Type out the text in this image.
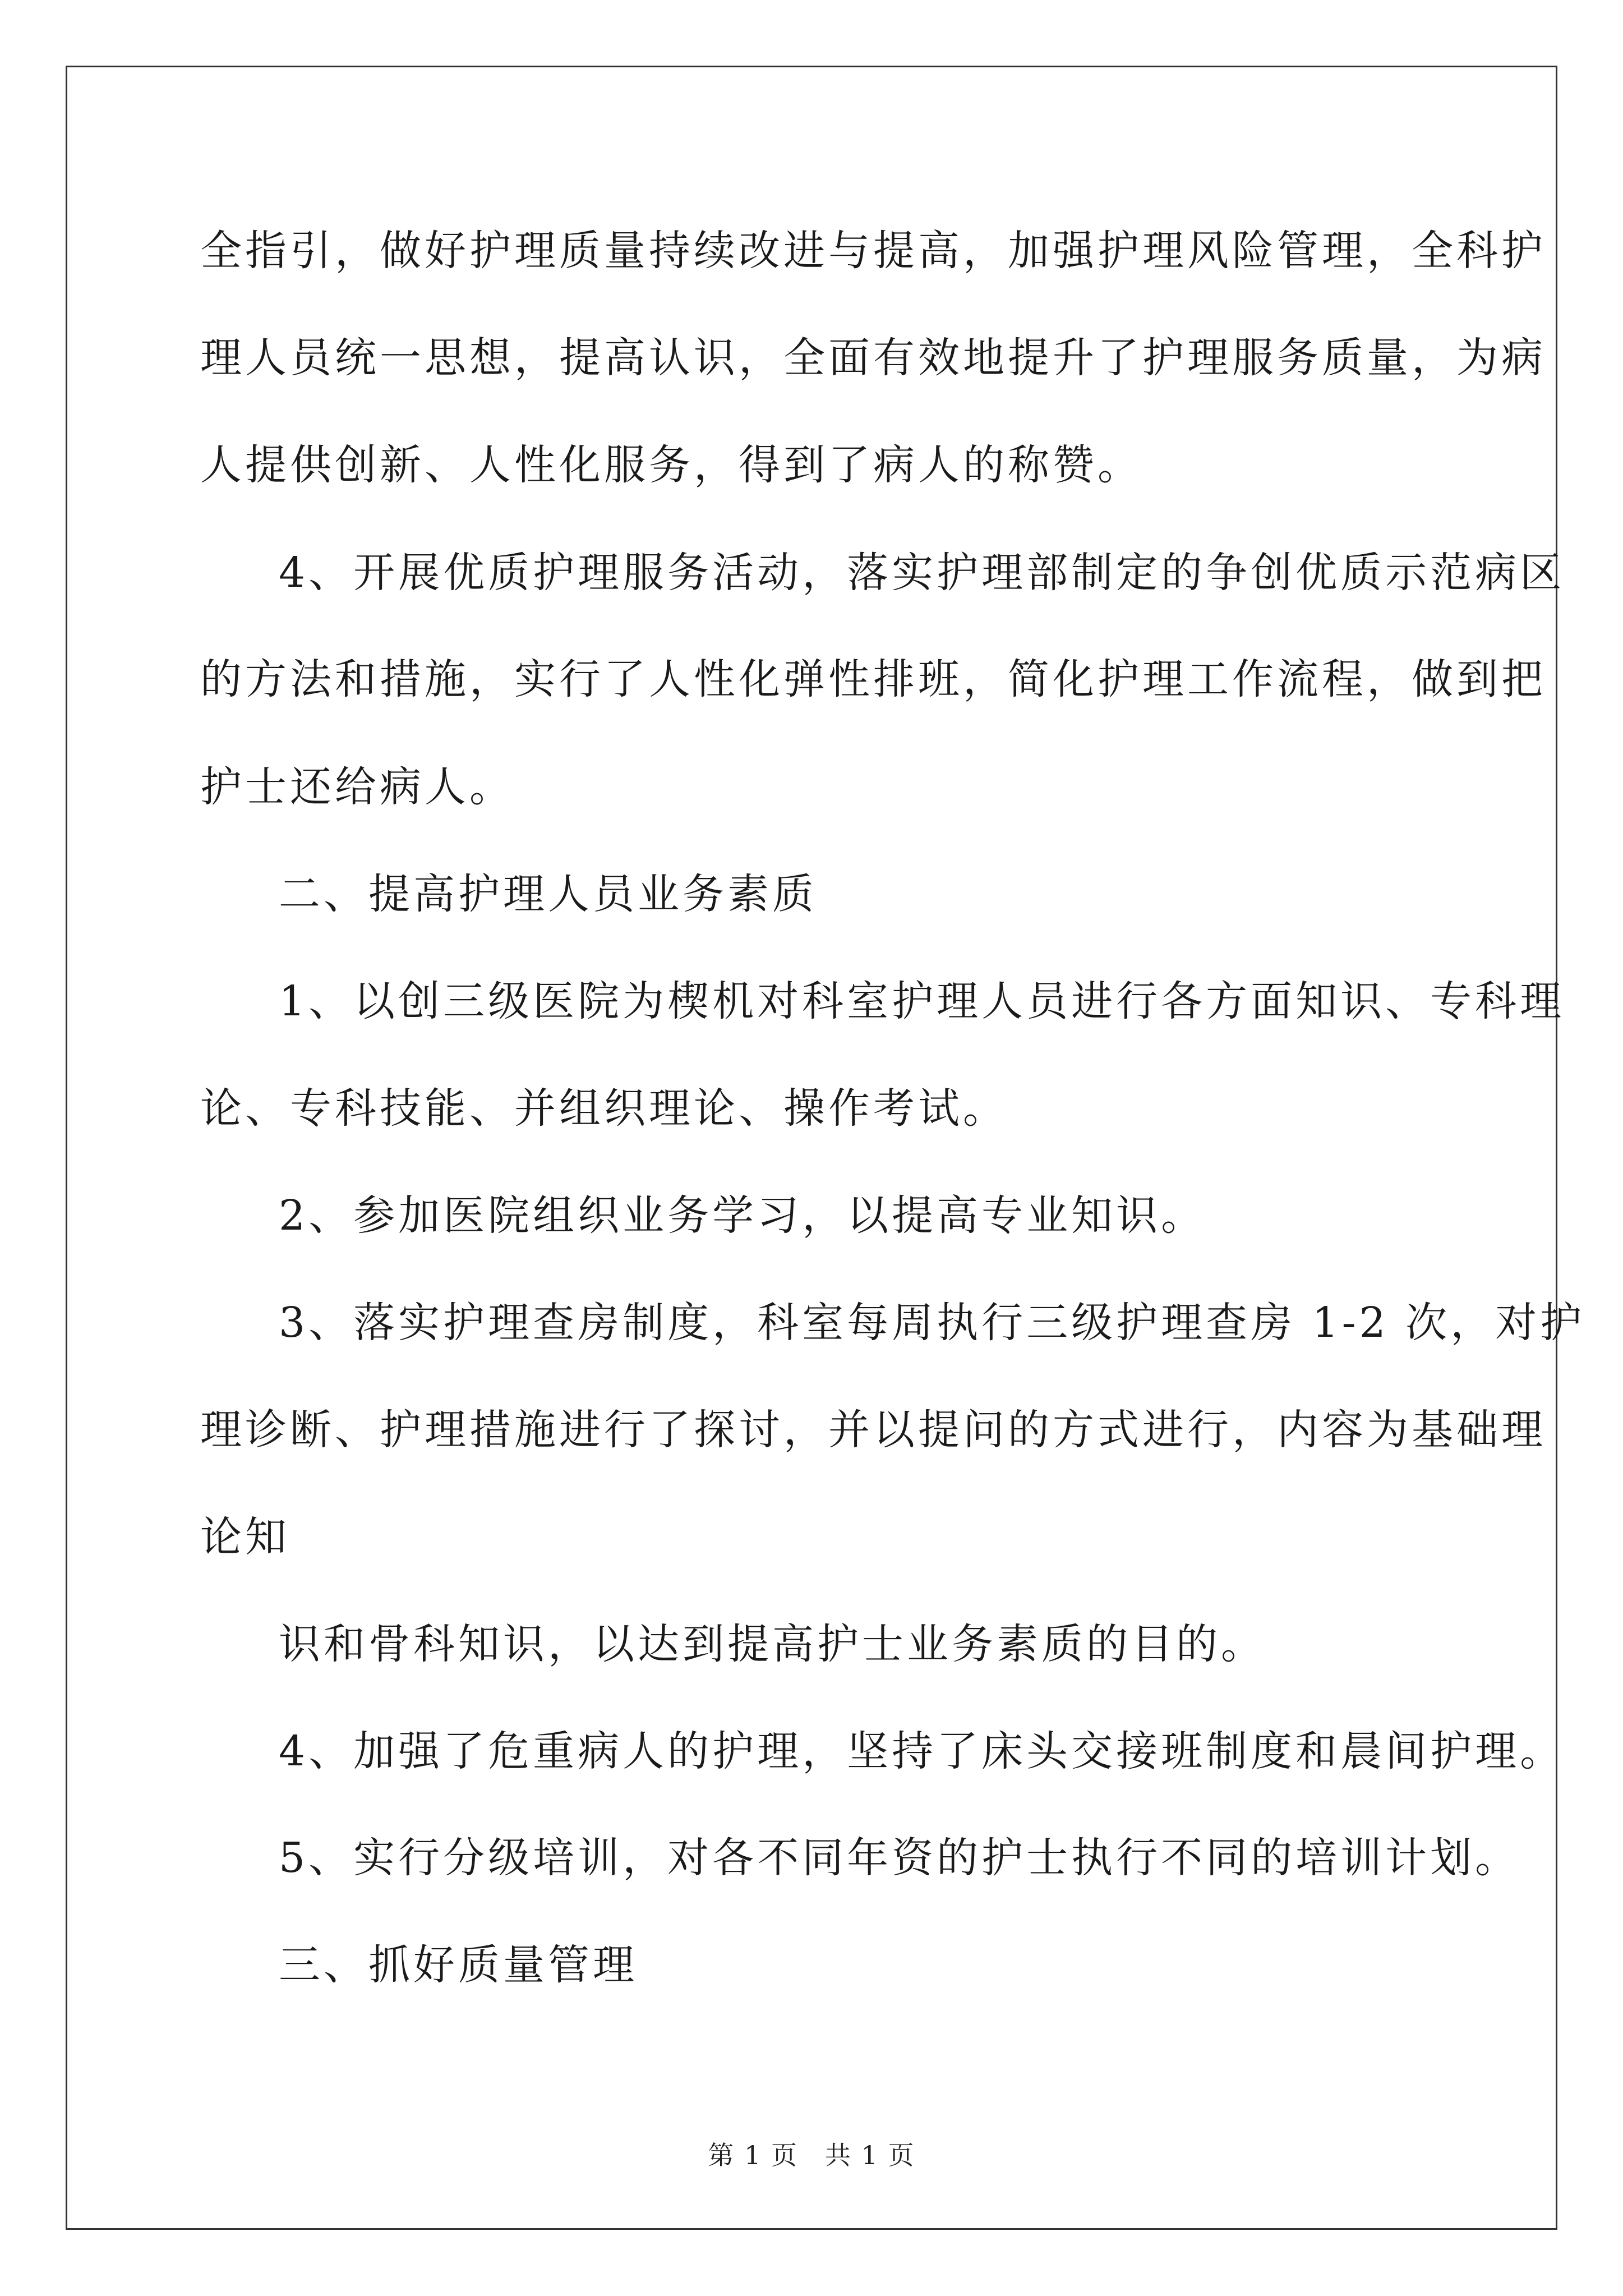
全指引，做好护理质量持续改进与提高，加强护理风险管理，全科护
理人员统一思想，提高认识，全面有效地提升了护理服务质量，为病
人提供创新、人性化服务，得到了病人的称赞。
4、开展优质护理服务活动，落实护理部制定的争创优质示范病区
的方法和措施，实行了人性化弹性排班，简化护理工作流程，做到把
护士还给病人。
二、提高护理人员业务素质
1、以创三级医院为楔机对科室护理人员进行各方面知识、专科理
论、专科技能、并组织理论、操作考试。
2、参加医院组织业务学习，以提高专业知识。
3、落实护理查房制度，科室每周执行三级护理查房 1-2 次，对护
理诊断、护理措施进行了探讨，并以提问的方式进行，内容为基础理
论知
识和骨科知识，以达到提高护士业务素质的目的。
4、加强了危重病人的护理，坚持了床头交接班制度和晨间护理。
5、实行分级培训，对各不同年资的护士执行不同的培训计划。
三、抓好质量管理
第 1 页　共 1 页
